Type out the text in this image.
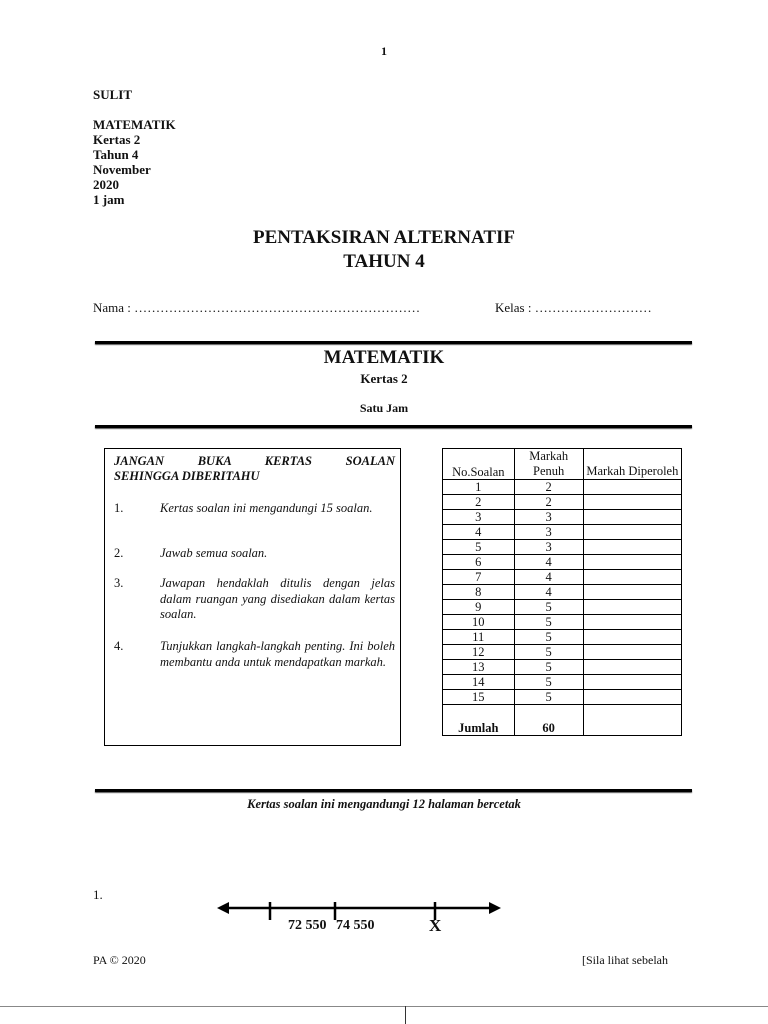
1
SULIT
MATEMATIK
Kertas 2
Tahun 4
November
2020
1 jam
PENTAKSIRAN ALTERNATIF
TAHUN 4
Nama : …………………………………………………………	Kelas : ………………………
MATEMATIK
Kertas 2
Satu Jam
JANGAN BUKA KERTAS SOALAN
SEHINGGA DIBERITAHU
1.	Kertas soalan ini mengandungi 15 soalan.
2.	Jawab semua soalan.
3.	Jawapan hendaklah ditulis dengan jelas dalam ruangan yang disediakan dalam kertas soalan.
4.	Tunjukkan langkah-langkah penting. Ini boleh membantu anda untuk mendapatkan markah.
No.Soalan	Markah Penuh	Markah Diperoleh
1	2	
2	2	
3	3	
4	3	
5	3	
6	4	
7	4	
8	4	
9	5	
10	5	
11	5	
12	5	
13	5	
14	5	
15	5	
Jumlah	60	
Kertas soalan ini mengandungi 12 halaman bercetak
1.
72 550 74 550	X
PA © 2020	[Sila lihat sebelah
